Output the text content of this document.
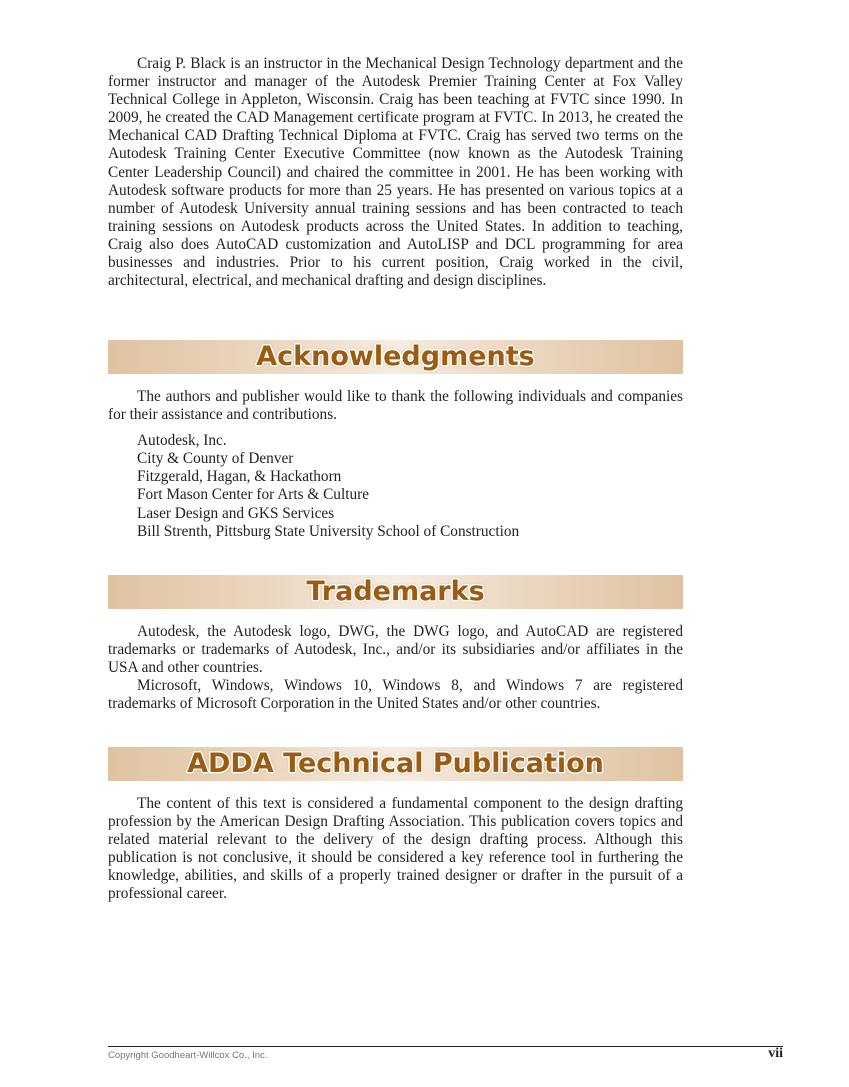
Craig P. Black is an instructor in the Mechanical Design Technology department and the former instructor and manager of the Autodesk Premier Training Center at Fox Valley Technical College in Appleton, Wisconsin. Craig has been teaching at FVTC since 1990. In 2009, he created the CAD Management certificate program at FVTC. In 2013, he created the Mechanical CAD Drafting Technical Diploma at FVTC. Craig has served two terms on the Autodesk Training Center Executive Committee (now known as the Autodesk Training Center Leadership Council) and chaired the committee in 2001. He has been working with Autodesk software products for more than 25 years. He has presented on various topics at a number of Autodesk University annual training sessions and has been contracted to teach training sessions on Autodesk products across the United States. In addition to teaching, Craig also does AutoCAD customization and AutoLISP and DCL programming for area businesses and industries. Prior to his current position, Craig worked in the civil, architectural, electrical, and mechanical drafting and design disciplines.

Acknowledgments

The authors and publisher would like to thank the following individuals and companies for their assistance and contributions.

Autodesk, Inc.
City & County of Denver
Fitzgerald, Hagan, & Hackathorn
Fort Mason Center for Arts & Culture
Laser Design and GKS Services
Bill Strenth, Pittsburg State University School of Construction
Trademarks

Autodesk, the Autodesk logo, DWG, the DWG logo, and AutoCAD are registered trademarks or trademarks of Autodesk, Inc., and/or its subsidiaries and/or affiliates in the USA and other countries.

Microsoft, Windows, Windows 10, Windows 8, and Windows 7 are registered trademarks of Microsoft Corporation in the United States and/or other countries.

ADDA Technical Publication

The content of this text is considered a fundamental component to the design drafting profession by the American Design Drafting Association. This publication covers topics and related material relevant to the delivery of the design drafting process. Although this publication is not conclusive, it should be considered a key reference tool in furthering the knowledge, abilities, and skills of a properly trained designer or drafter in the pursuit of a professional career.

Copyright Goodheart-Willcox Co., Inc.	vii
